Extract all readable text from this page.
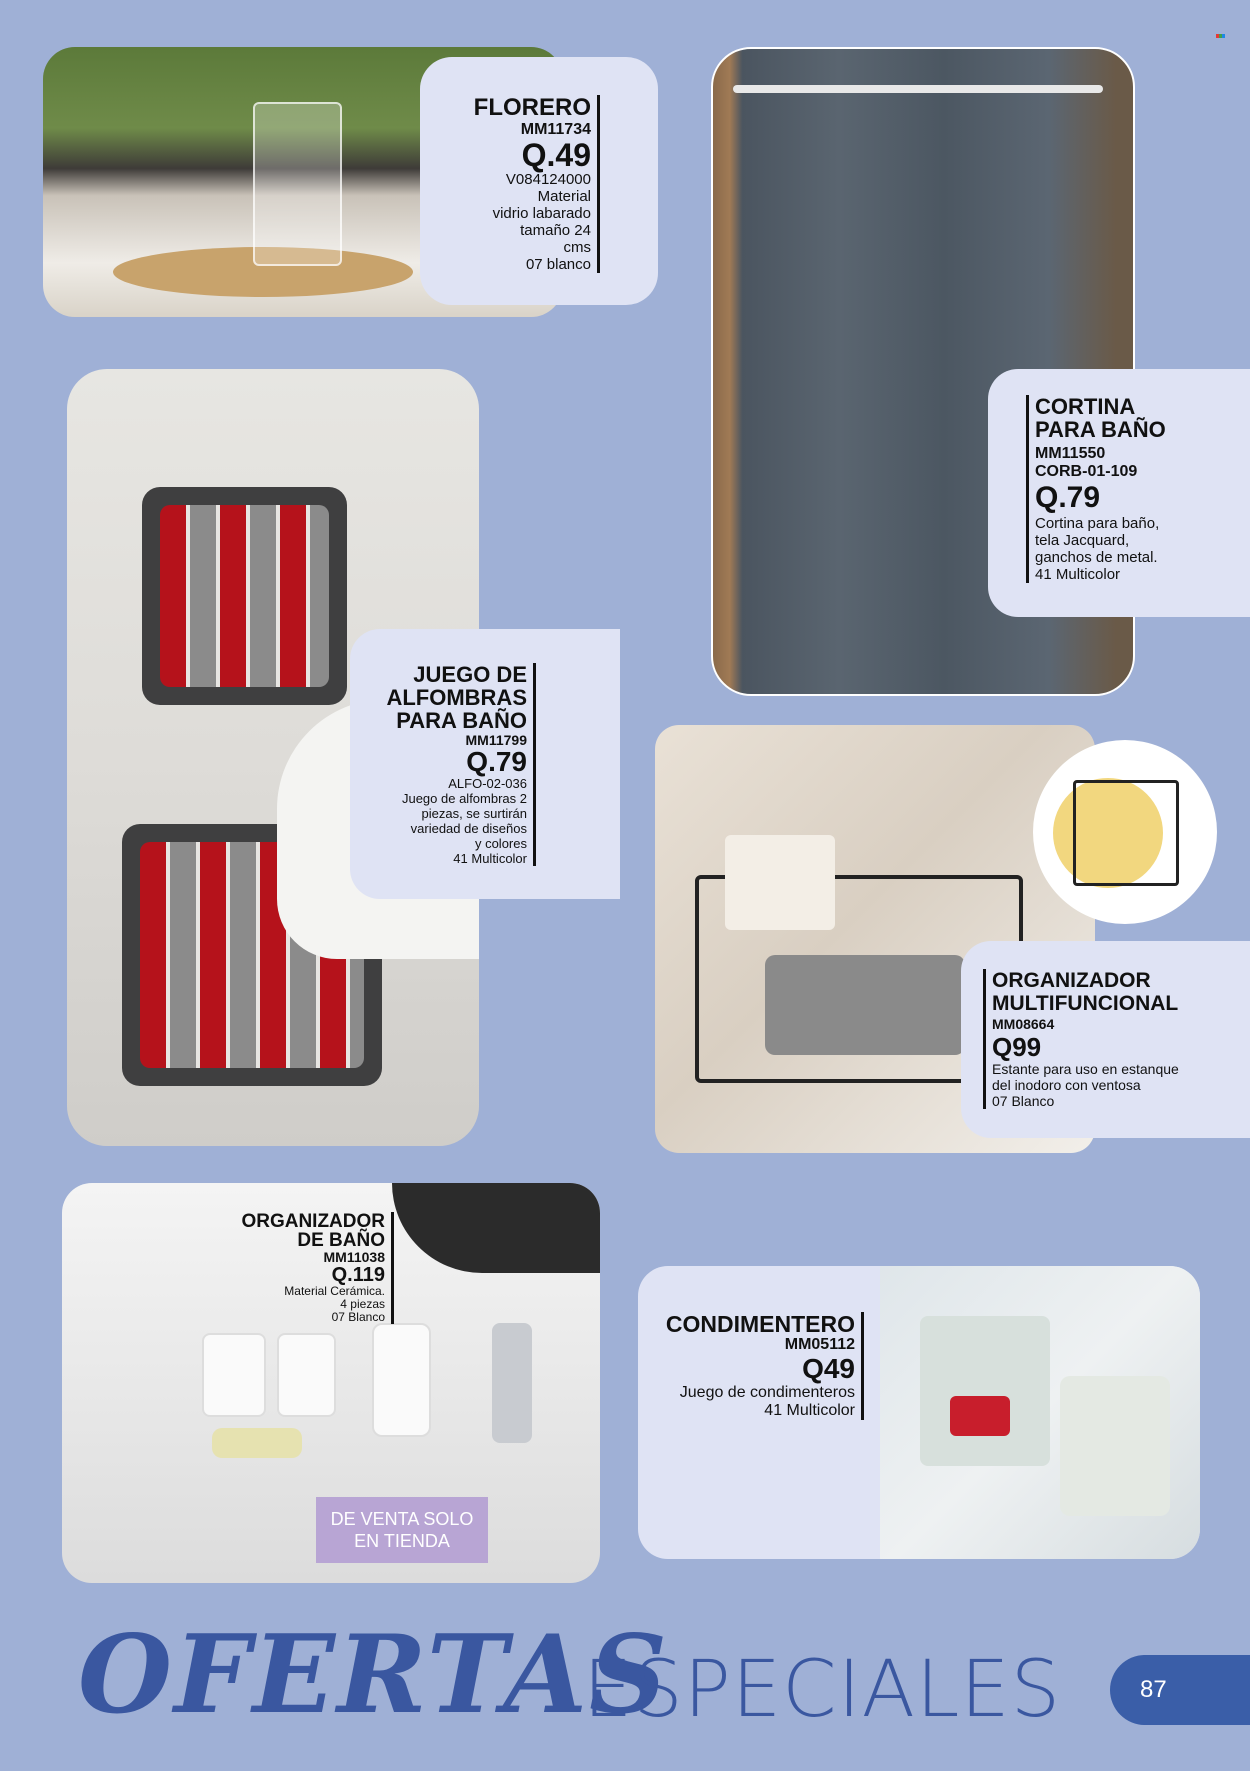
FLORERO
MM11734
Q.49
V084124000
Material
vidrio labarado
tamaño 24
cms
07 blanco
CORTINA
PARA BAÑO
MM11550
CORB-01-109
Q.79
Cortina para baño,
tela Jacquard,
ganchos de metal.
41 Multicolor
JUEGO DE
ALFOMBRAS
PARA BAÑO
MM11799
Q.79
ALFO-02-036
Juego de alfombras 2
piezas, se surtirán
variedad de diseños
y colores
41 Multicolor
ORGANIZADOR
MULTIFUNCIONAL
MM08664
Q99
Estante para uso en estanque
del inodoro con ventosa
07 Blanco
ORGANIZADOR
DE BAÑO
MM11038
Q.119
Material Cerámica.
4 piezas
07 Blanco
DE VENTA SOLO
EN TIENDA
CONDIMENTERO
MM05112
Q49
Juego de condimenteros
41 Multicolor
OFERTAS
ESPECIALES	87
